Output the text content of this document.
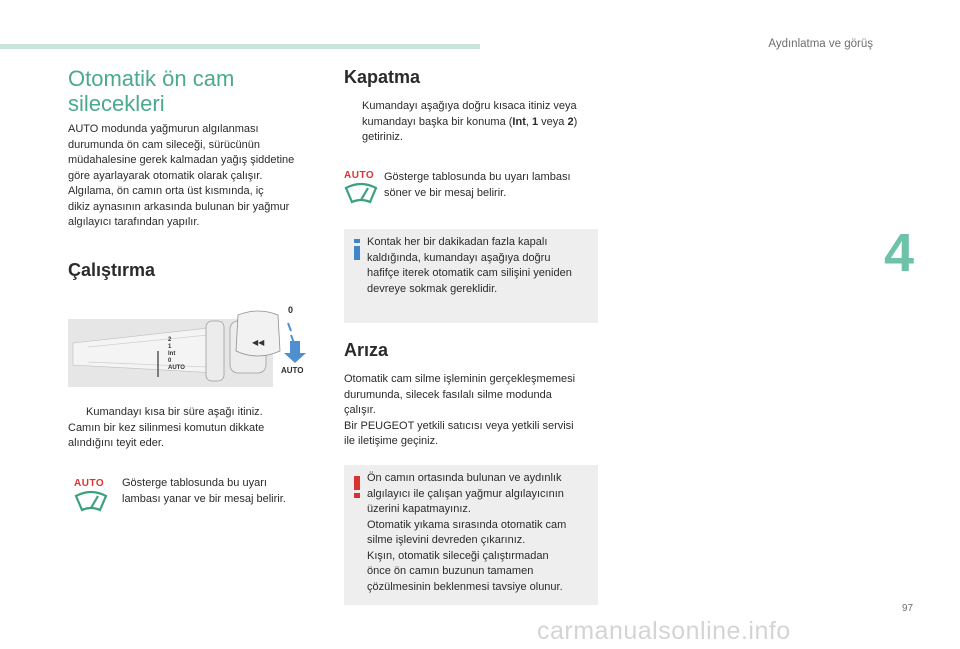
Aydınlatma ve görüş
4
Otomatik ön cam
silecekleri
AUTO modunda yağmurun algılanması
durumunda ön cam sileceği, sürücünün
müdahalesine gerek kalmadan yağış şiddetine
göre ayarlayarak otomatik olarak çalışır.
Algılama, ön camın orta üst kısmında, iç
dikiz aynasının arkasında bulunan bir yağmur
algılayıcı tarafından yapılır.
Çalıştırma
◀◀
0
AUTO
2
1
Int
0
AUTO
Kumandayı kısa bir süre aşağı itiniz.
Camın bir kez silinmesi komutun dikkate
alındığını teyit eder.
AUTO	Gösterge tablosunda bu uyarı
lambası yanar ve bir mesaj belirir.
Kapatma
Kumandayı aşağıya doğru kısaca itiniz veya
kumandayı başka bir konuma (Int, 1 veya 2)
getiriniz.
AUTO Gösterge tablosunda bu uyarı lambası
söner ve bir mesaj belirir.
Kontak her bir dakikadan fazla kapalı
kaldığında, kumandayı aşağıya doğru
hafifçe iterek otomatik cam silişini yeniden
devreye sokmak gereklidir.
Arıza
Otomatik cam silme işleminin gerçekleşmemesi
durumunda, silecek fasılalı silme modunda
çalışır.
Bir PEUGEOT yetkili satıcısı veya yetkili servisi
ile iletişime geçiniz.
Ön camın ortasında bulunan ve aydınlık
algılayıcı ile çalışan yağmur algılayıcının
üzerini kapatmayınız.
Otomatik yıkama sırasında otomatik cam
silme işlevini devreden çıkarınız.
Kışın, otomatik sileceği çalıştırmadan
önce ön camın buzunun tamamen
çözülmesinin beklenmesi tavsiye olunur.
97
carmanualsonline.info
